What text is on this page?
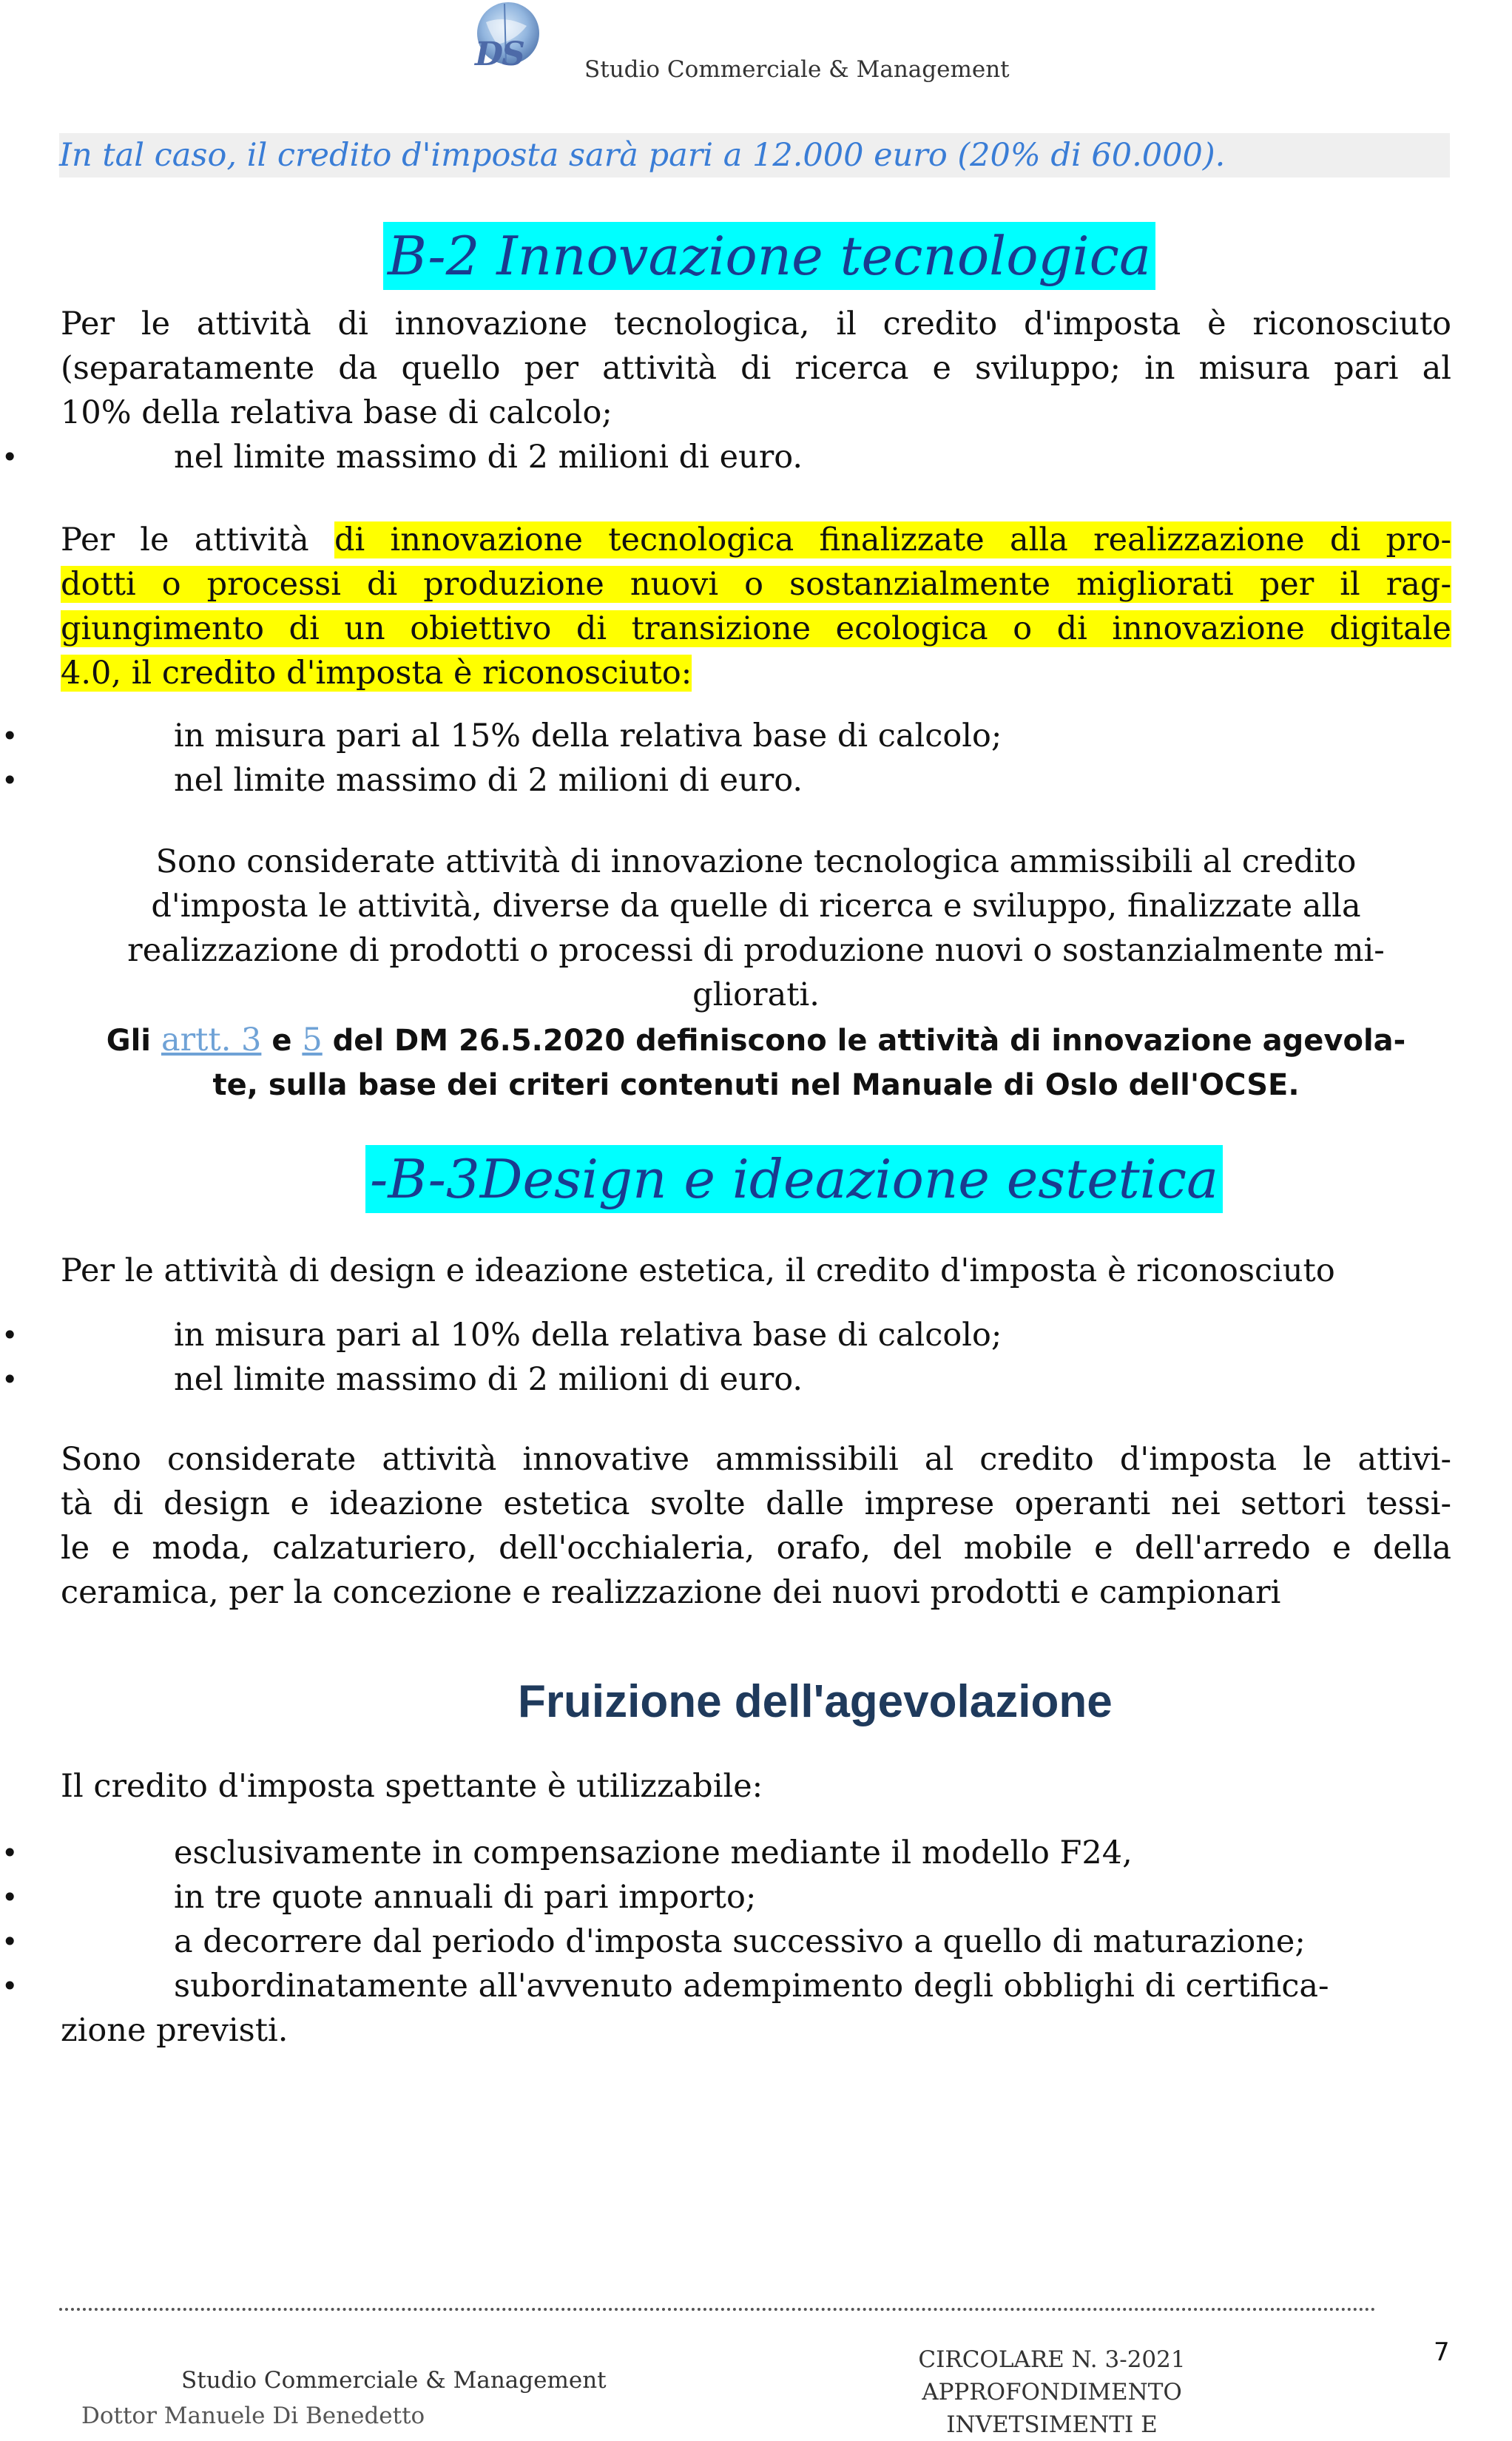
DS	Studio Commerciale & Management
In tal caso, il credito d'imposta sarà pari a 12.000 euro (20% di 60.000).
B-2 Innovazione tecnologica
Per le attività di innovazione tecnologica, il credito d'imposta è riconosciuto
(separatamente da quello per attività di ricerca e sviluppo; in misura pari al
10% della relativa base di calcolo;
• nel limite massimo di 2 milioni di euro.
Per le attività di innovazione tecnologica finalizzate alla realizzazione di pro-
dotti o processi di produzione nuovi o sostanzialmente migliorati per il rag-
giungimento di un obiettivo di transizione ecologica o di innovazione digitale
4.0, il credito d'imposta è riconosciuto:
• in misura pari al 15% della relativa base di calcolo;
• nel limite massimo di 2 milioni di euro.
Sono considerate attività di innovazione tecnologica ammissibili al credito
d'imposta le attività, diverse da quelle di ricerca e sviluppo, finalizzate alla
realizzazione di prodotti o processi di produzione nuovi o sostanzialmente mi-
gliorati.
Gli artt. 3 e 5 del DM 26.5.2020 definiscono le attività di innovazione agevola-
te, sulla base dei criteri contenuti nel Manuale di Oslo dell'OCSE.
-B-3Design e ideazione estetica
Per le attività di design e ideazione estetica, il credito d'imposta è riconosciuto
• in misura pari al 10% della relativa base di calcolo;
• nel limite massimo di 2 milioni di euro.
Sono considerate attività innovative ammissibili al credito d'imposta le attivi-
tà di design e ideazione estetica svolte dalle imprese operanti nei settori tessi-
le e moda, calzaturiero, dell'occhialeria, orafo, del mobile e dell'arredo e della
ceramica, per la concezione e realizzazione dei nuovi prodotti e campionari
Fruizione dell'agevolazione
Il credito d'imposta spettante è utilizzabile:
• esclusivamente in compensazione mediante il modello F24,
• in tre quote annuali di pari importo;
• a decorrere dal periodo d'imposta successivo a quello di maturazione;
• subordinatamente all'avvenuto adempimento degli obblighi di certifica-
zione previsti.
Studio Commerciale & Management
CIRCOLARE N. 3-2021
APPROFONDIMENTO INVETSIMENTI E
7
Dottor Manuele Di Benedetto
